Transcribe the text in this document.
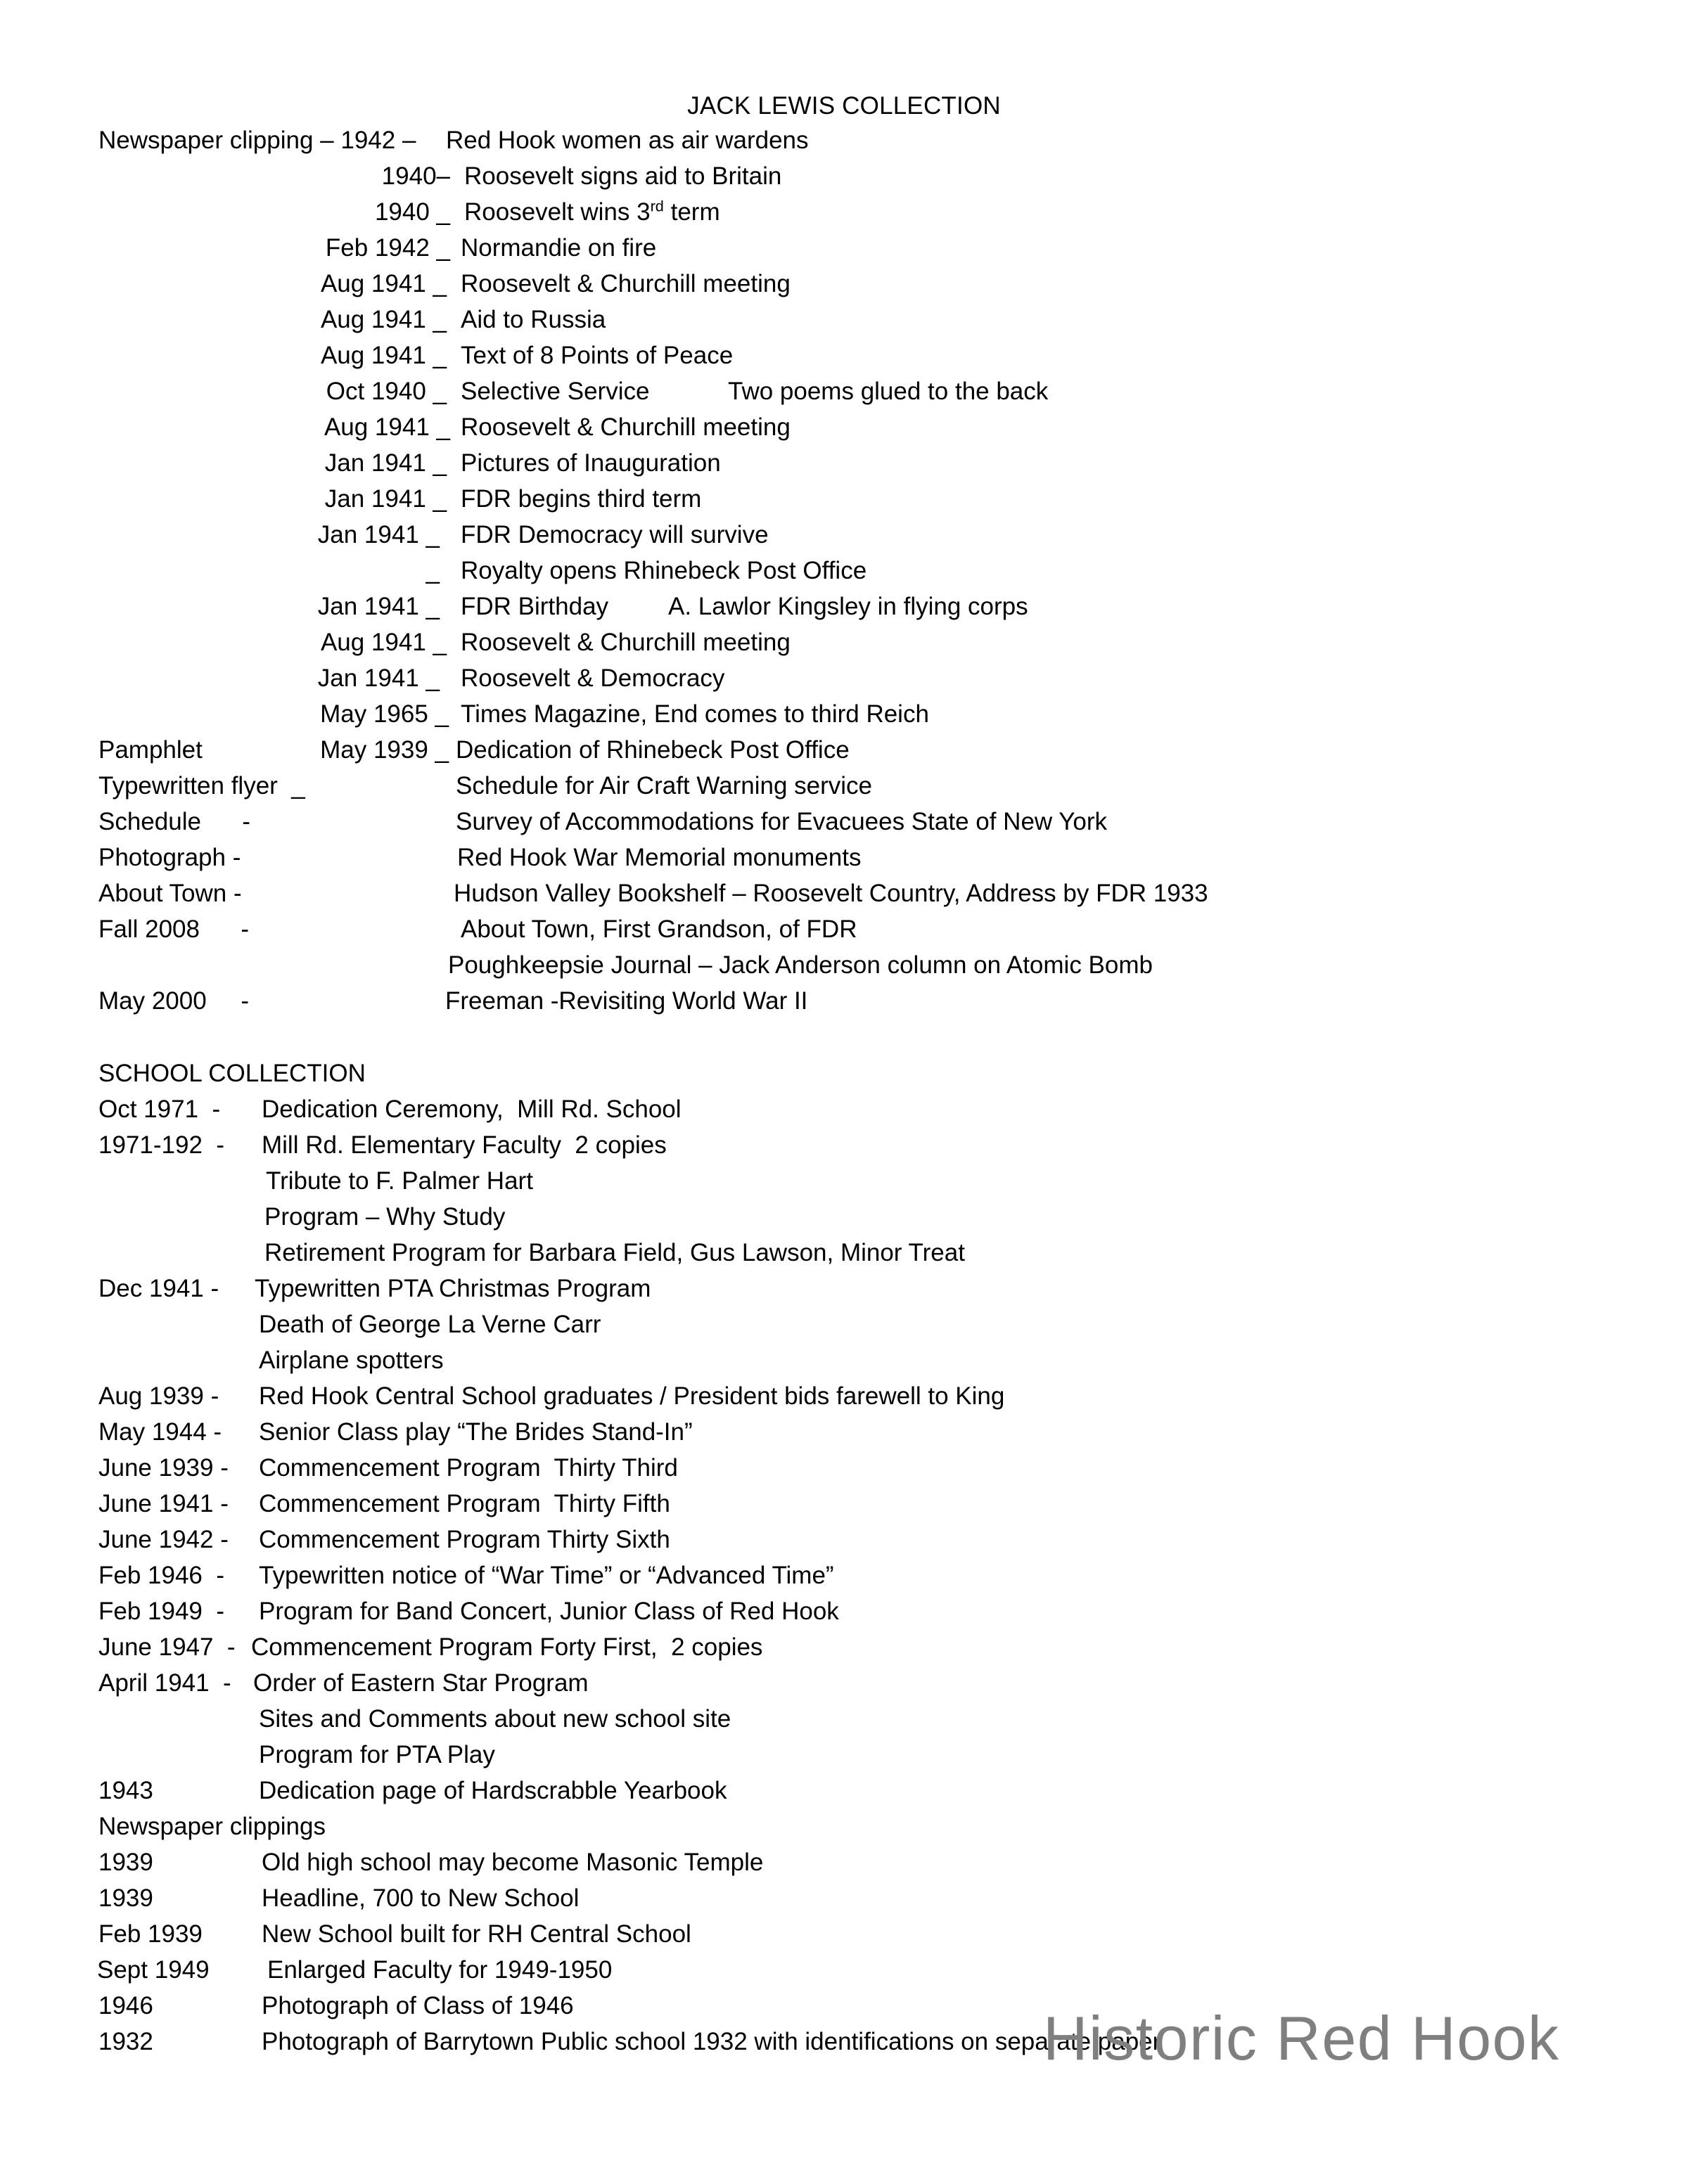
JACK LEWIS COLLECTION
Newspaper clipping – 1942 – Red Hook women as air wardens
1940– Roosevelt signs aid to Britain
1940 _ Roosevelt wins 3rd term
Feb 1942 _ Normandie on fire
Aug 1941 _ Roosevelt & Churchill meeting
Aug 1941 _ Aid to Russia
Aug 1941 _ Text of 8 Points of Peace
Oct 1940 _ Selective Service	Two poems glued to the back
Aug 1941 _ Roosevelt & Churchill meeting
Jan 1941 _ Pictures of Inauguration
Jan 1941 _ FDR begins third term
Jan 1941 _ FDR Democracy will survive
_ Royalty opens Rhinebeck Post Office
Jan 1941 _ FDR Birthday A. Lawlor Kingsley in flying corps
Aug 1941 _ Roosevelt & Churchill meeting
Jan 1941 _ Roosevelt & Democracy
May 1965 _ Times Magazine, End comes to third Reich
Pamphlet	May 1939 _ Dedication of Rhinebeck Post Office
Typewritten flyer  _	Schedule for Air Craft Warning service
Schedule      -	Survey of Accommodations for Evacuees State of New York
Photograph -	Red Hook War Memorial monuments
About Town -	Hudson Valley Bookshelf – Roosevelt Country, Address by FDR 1933
Fall 2008      -	About Town, First Grandson, of FDR
Poughkeepsie Journal – Jack Anderson column on Atomic Bomb
May 2000     -	Freeman -Revisiting World War II
SCHOOL COLLECTION
Oct 1971  - Dedication Ceremony,  Mill Rd. School
1971-192  - Mill Rd. Elementary Faculty  2 copies
Tribute to F. Palmer Hart
Program – Why Study
Retirement Program for Barbara Field, Gus Lawson, Minor Treat
Dec 1941 - Typewritten PTA Christmas Program
Death of George La Verne Carr
Airplane spotters
Aug 1939 - Red Hook Central School graduates / President bids farewell to King
May 1944 - Senior Class play “The Brides Stand-In”
June 1939 - Commencement Program  Thirty Third
June 1941 - Commencement Program  Thirty Fifth
June 1942 - Commencement Program Thirty Sixth
Feb 1946  - Typewritten notice of “War Time” or “Advanced Time”
Feb 1949  - Program for Band Concert, Junior Class of Red Hook
June 1947  - Commencement Program Forty First,  2 copies
April 1941  - Order of Eastern Star Program
Sites and Comments about new school site
Program for PTA Play
1943	Dedication page of Hardscrabble Yearbook
Newspaper clippings
1939	Old high school may become Masonic Temple
1939	Headline, 700 to New School
Feb 1939 New School built for RH Central School
Sept 1949 Enlarged Faculty for 1949-1950
1946	Photograph of Class of 1946
1932	Photograph of Barrytown Public school 1932 with identifications on separate paper
Historic Red Hook
